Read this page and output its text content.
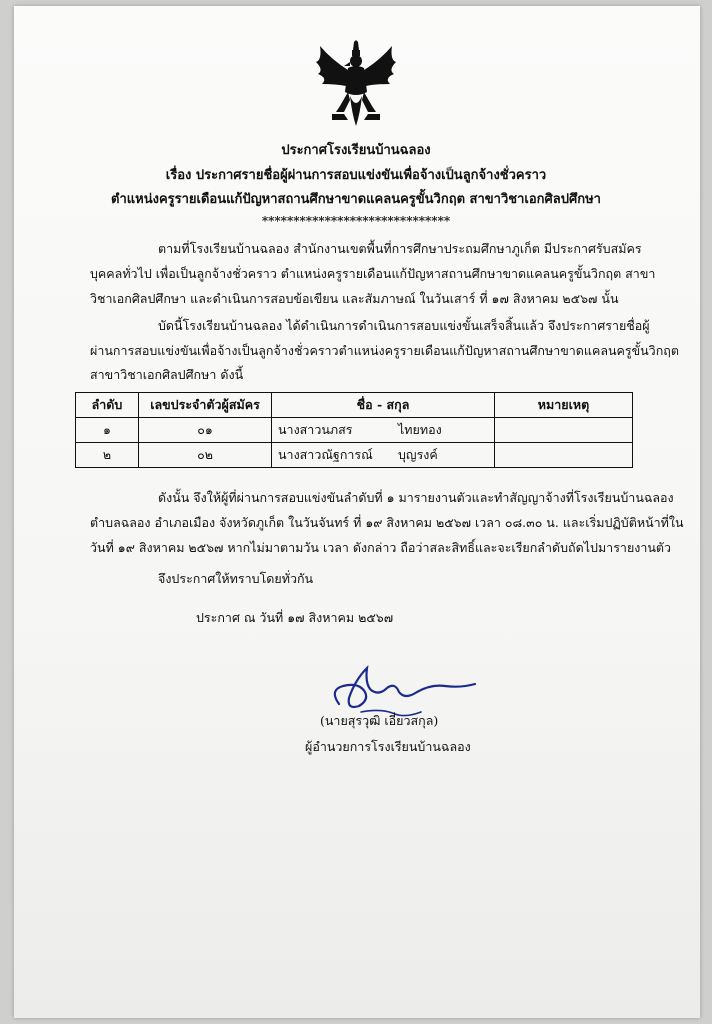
ประกาศโรงเรียนบ้านฉลอง
เรื่อง ประกาศรายชื่อผู้ผ่านการสอบแข่งขันเพื่อจ้างเป็นลูกจ้างชั่วคราว
ตำแหน่งครูรายเดือนแก้ปัญหาสถานศึกษาขาดแคลนครูขั้นวิกฤต สาขาวิชาเอกศิลปศึกษา
******************************
ตามที่โรงเรียนบ้านฉลอง สำนักงานเขตพื้นที่การศึกษาประถมศึกษาภูเก็ต มีประกาศรับสมัคร
บุคคลทั่วไป เพื่อเป็นลูกจ้างชั่วคราว ตำแหน่งครูรายเดือนแก้ปัญหาสถานศึกษาขาดแคลนครูขั้นวิกฤต สาขา
วิชาเอกศิลปศึกษา และดำเนินการสอบข้อเขียน และสัมภาษณ์ ในวันเสาร์ ที่ ๑๗ สิงหาคม ๒๕๖๗ นั้น
บัดนี้โรงเรียนบ้านฉลอง ได้ดำเนินการดำเนินการสอบแข่งขั้นเสร็จสิ้นแล้ว จึงประกาศรายชื่อผู้
ผ่านการสอบแข่งขันเพื่อจ้างเป็นลูกจ้างชั่วคราวตำแหน่งครูรายเดือนแก้ปัญหาสถานศึกษาขาดแคลนครูขั้นวิกฤต
สาขาวิชาเอกศิลปศึกษา ดังนี้
ลำดับ	เลขประจำตัวผู้สมัคร	ชื่อ - สกุล	หมายเหตุ
๑	๐๑	นางสาวนภสร ไทยทอง	
๒	๐๒	นางสาวณัฐการณ์ บุญรงค์	
ดังนั้น จึงให้ผู้ที่ผ่านการสอบแข่งขันลำดับที่ ๑ มารายงานตัวและทำสัญญาจ้างที่โรงเรียนบ้านฉลอง
ตำบลฉลอง อำเภอเมือง จังหวัดภูเก็ต ในวันจันทร์ ที่ ๑๙ สิงหาคม ๒๕๖๗ เวลา ๐๘.๓๐ น. และเริ่มปฏิบัติหน้าที่ใน
วันที่ ๑๙ สิงหาคม ๒๕๖๗ หากไม่มาตามวัน เวลา ดังกล่าว ถือว่าสละสิทธิ์และจะเรียกลำดับถัดไปมารายงานตัว
จึงประกาศให้ทราบโดยทั่วกัน
ประกาศ ณ วันที่ ๑๗ สิงหาคม ๒๕๖๗
(นายสุรวุฒิ เอี่ยวสกุล)
ผู้อำนวยการโรงเรียนบ้านฉลอง
